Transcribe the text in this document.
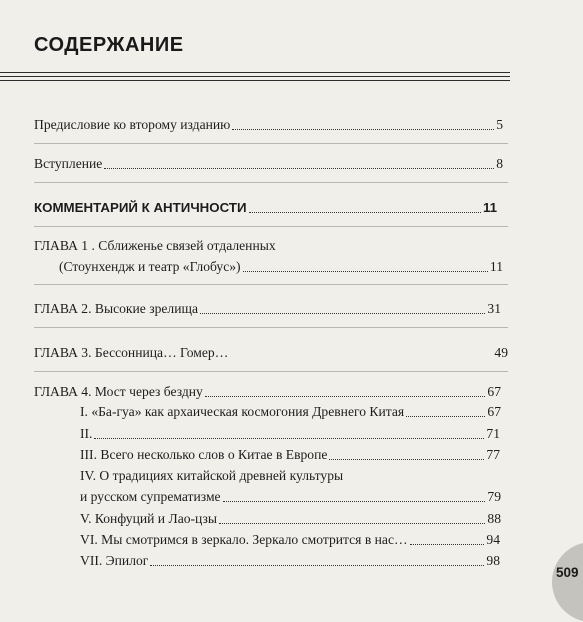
СОДЕРЖАНИЕ
Предисловие ко второму изданию	5
Вступление	8
КОММЕНТАРИЙ К АНТИЧНОСТИ	11
ГЛАВА 1 . Сближенье связей отдаленных
(Стоунхендж и театр «Глобус»)	11
ГЛАВА 2. Высокие зрелища	31
ГЛАВА 3. Бессонница… Гомер…	49
ГЛАВА 4. Мост через бездну	67
I. «Ба-гуа» как архаическая космогония Древнего Китая	67
II.	71
III. Всего несколько слов о Китае в Европе	77
IV. О традициях китайской древней культуры
и русском супрематизме	79
V. Конфуций и Лао-цзы	88
VI. Мы смотримся в зеркало. Зеркало смотрится в нас…	94
VII. Эпилог	98
509
